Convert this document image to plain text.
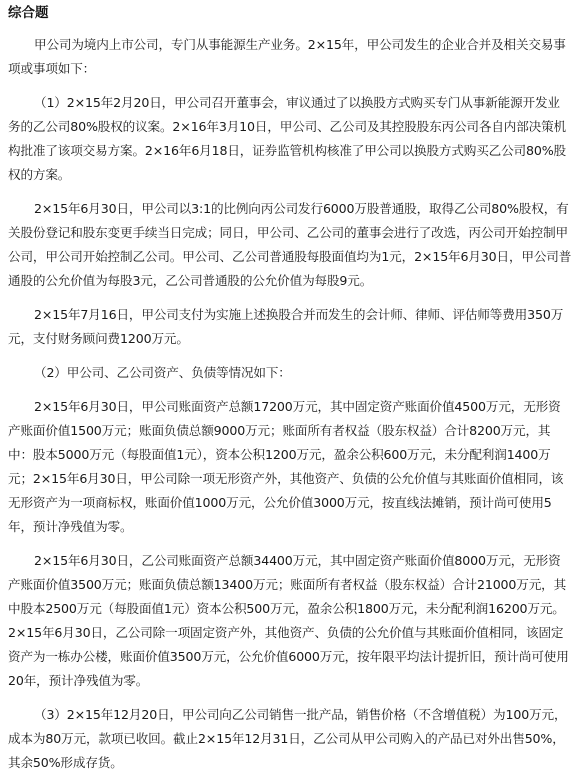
综合题

甲公司为境内上市公司，专门从事能源生产业务。2×15年，甲公司发生的企业合并及相关交易事项或事项如下：

（1）2×15年2月20日，甲公司召开董事会，审议通过了以换股方式购买专门从事新能源开发业务的乙公司80%股权的议案。2×16年3月10日，甲公司、乙公司及其控股股东丙公司各自内部决策机构批准了该项交易方案。2×16年6月18日，证券监管机构核准了甲公司以换股方式购买乙公司80%股权的方案。

2×15年6月30日，甲公司以3:1的比例向丙公司发行6000万股普通股，取得乙公司80%股权，有关股份登记和股东变更手续当日完成；同日，甲公司、乙公司的董事会进行了改选，丙公司开始控制甲公司，甲公司开始控制乙公司。甲公司、乙公司普通股每股面值均为1元，2×15年6月30日，甲公司普通股的公允价值为每股3元，乙公司普通股的公允价值为每股9元。

2×15年7月16日，甲公司支付为实施上述换股合并而发生的会计师、律师、评估师等费用350万元，支付财务顾问费1200万元。

（2）甲公司、乙公司资产、负债等情况如下：

2×15年6月30日，甲公司账面资产总额17200万元，其中固定资产账面价值4500万元，无形资产账面价值1500万元；账面负债总额9000万元；账面所有者权益（股东权益）合计8200万元，其中：股本5000万元（每股面值1元），资本公积1200万元，盈余公积600万元，未分配利润1400万元；2×15年6月30日，甲公司除一项无形资产外，其他资产、负债的公允价值与其账面价值相同，该无形资产为一项商标权，账面价值1000万元，公允价值3000万元，按直线法摊销，预计尚可使用5年，预计净残值为零。

2×15年6月30日，乙公司账面资产总额34400万元，其中固定资产账面价值8000万元，无形资产账面价值3500万元；账面负债总额13400万元；账面所有者权益（股东权益）合计21000万元，其中股本2500万元（每股面值1元）资本公积500万元，盈余公积1800万元，未分配利润16200万元。2×15年6月30日，乙公司除一项固定资产外，其他资产、负债的公允价值与其账面价值相同，该固定资产为一栋办公楼，账面价值3500万元，公允价值6000万元，按年限平均法计提折旧，预计尚可使用20年，预计净残值为零。

（3）2×15年12月20日，甲公司向乙公司销售一批产品，销售价格（不含增值税）为100万元，成本为80万元，款项已收回。截止2×15年12月31日，乙公司从甲公司购入的产品已对外出售50%，其余50%形成存货。
